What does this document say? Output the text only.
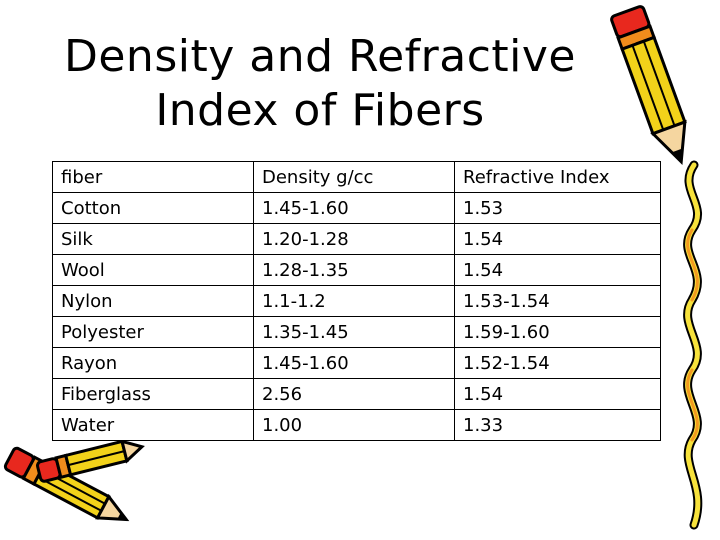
Density and Refractive
Index of Fibers
fiber	Density g/cc	Refractive Index
Cotton	1.45-1.60	1.53
Silk	1.20-1.28	1.54
Wool	1.28-1.35	1.54
Nylon	1.1-1.2	1.53-1.54
Polyester	1.35-1.45	1.59-1.60
Rayon	1.45-1.60	1.52-1.54
Fiberglass	2.56	1.54
Water	1.00	1.33
